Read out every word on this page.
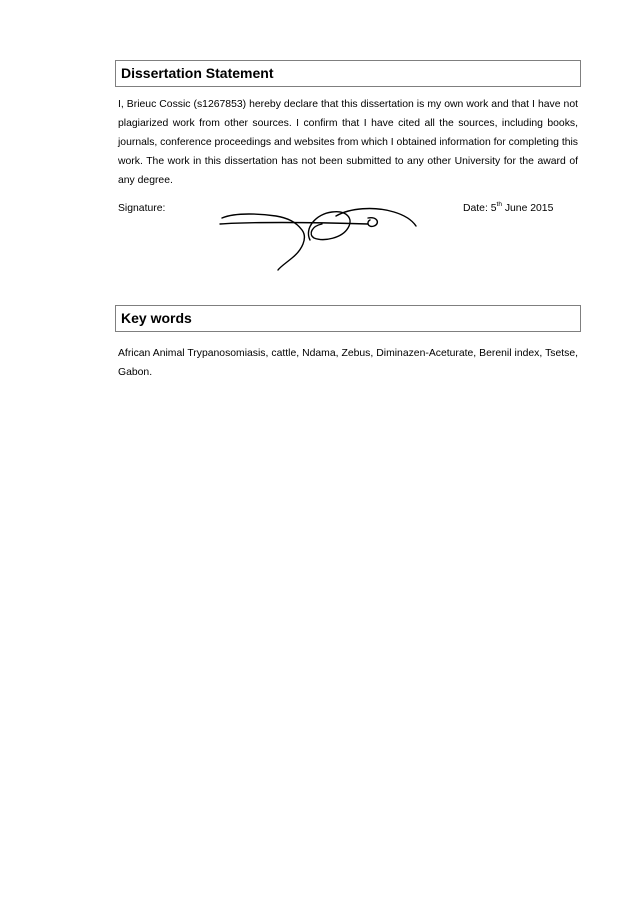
Dissertation Statement

I, Brieuc Cossic (s1267853) hereby declare that this dissertation is my own work and that I have not plagiarized work from other sources. I confirm that I have cited all the sources, including books, journals, conference proceedings and websites from which I obtained information for completing this work. The work in this dissertation has not been submitted to any other University for the award of any degree.

Signature:	Date: 5th June 2015
Key words

African Animal Trypanosomiasis, cattle, Ndama, Zebus, Diminazen-Aceturate, Berenil index, Tsetse, Gabon.
